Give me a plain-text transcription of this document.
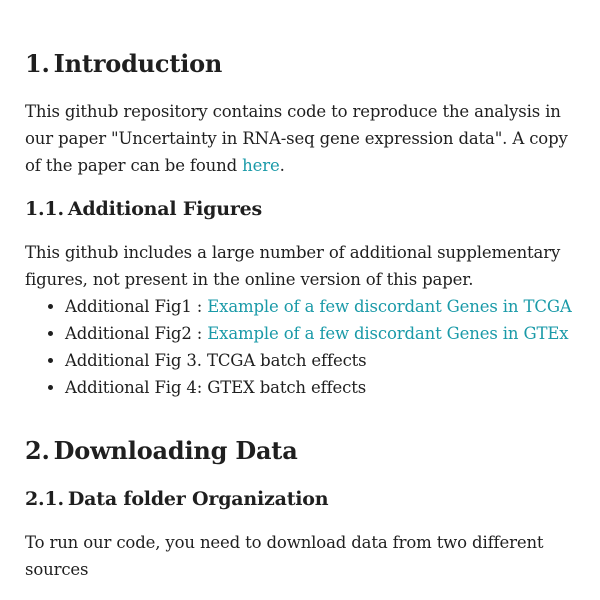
1. Introduction

This github repository contains code to reproduce the analysis in our paper "Uncertainty in RNA-seq gene expression data". A copy of the paper can be found here.

1.1. Additional Figures

This github includes a large number of additional supplementary figures, not present in the online version of this paper.

• Additional Fig1 : Example of a few discordant Genes in TCGA
• Additional Fig2 : Example of a few discordant Genes in GTEx
• Additional Fig 3. TCGA batch effects
• Additional Fig 4: GTEX batch effects
2. Downloading Data
2.1. Data folder Organization

To run our code, you need to download data from two different sources
